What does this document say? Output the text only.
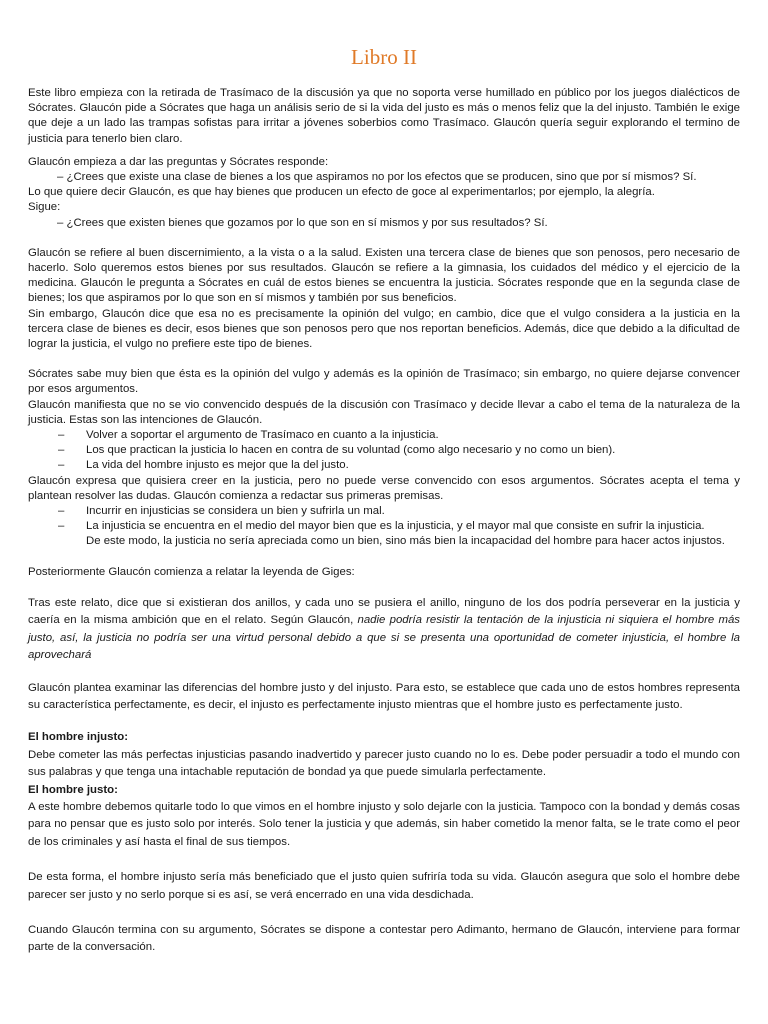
Libro II

Este libro empieza con la retirada de Trasímaco de la discusión ya que no soporta verse humillado en público por los juegos dialécticos de Sócrates. Glaucón pide a Sócrates que haga un análisis serio de si la vida del justo es más o menos feliz que la del injusto. También le exige que deje a un lado las trampas sofistas para irritar a jóvenes soberbios como Trasímaco. Glaucón quería seguir explorando el termino de justicia para tenerlo bien claro.

Glaucón empieza a dar las preguntas y Sócrates responde:

– ¿Crees que existe una clase de bienes a los que aspiramos no por los efectos que se producen, sino que por sí mismos? Sí.

Lo que quiere decir Glaucón, es que hay bienes que producen un efecto de goce al experimentarlos; por ejemplo, la alegría.

Sigue:

– ¿Crees que existen bienes que gozamos por lo que son en sí mismos y por sus resultados? Sí.

Glaucón se refiere al buen discernimiento, a la vista o a la salud. Existen una tercera clase de bienes que son penosos, pero necesario de hacerlo. Solo queremos estos bienes por sus resultados. Glaucón se refiere a la gimnasia, los cuidados del médico y el ejercicio de la medicina. Glaucón le pregunta a Sócrates en cuál de estos bienes se encuentra la justicia. Sócrates responde que en la segunda clase de bienes; los que aspiramos por lo que son en sí mismos y también por sus beneficios.

Sin embargo, Glaucón dice que esa no es precisamente la opinión del vulgo; en cambio, dice que el vulgo considera a la justicia en la tercera clase de bienes es decir, esos bienes que son penosos pero que nos reportan beneficios. Además, dice que debido a la dificultad de lograr la justicia, el vulgo no prefiere este tipo de bienes.

Sócrates sabe muy bien que ésta es la opinión del vulgo y además es la opinión de Trasímaco; sin embargo, no quiere dejarse convencer por esos argumentos.

Glaucón manifiesta que no se vio convencido después de la discusión con Trasímaco y decide llevar a cabo el tema de la naturaleza de la justicia. Estas son las intenciones de Glaucón.

– Volver a soportar el argumento de Trasímaco en cuanto a la injusticia.
– Los que practican la justicia lo hacen en contra de su voluntad (como algo necesario y no como un bien).
– La vida del hombre injusto es mejor que la del justo.

Glaucón expresa que quisiera creer en la justicia, pero no puede verse convencido con esos argumentos. Sócrates acepta el tema y plantean resolver las dudas. Glaucón comienza a redactar sus primeras premisas.

– Incurrir en injusticias se considera un bien y sufrirla un mal.
– La injusticia se encuentra en el medio del mayor bien que es la injusticia, y el mayor mal que consiste en sufrir la injusticia.

De este modo, la justicia no sería apreciada como un bien, sino más bien la incapacidad del hombre para hacer actos injustos.

Posteriormente Glaucón comienza a relatar la leyenda de Giges:

Tras este relato, dice que si existieran dos anillos, y cada uno se pusiera el anillo, ninguno de los dos podría perseverar en la justicia y caería en la misma ambición que en el relato. Según Glaucón, nadie podría resistir la tentación de la injusticia ni siquiera el hombre más justo, así, la justicia no podría ser una virtud personal debido a que si se presenta una oportunidad de cometer injusticia, el hombre la aprovechará

Glaucón plantea examinar las diferencias del hombre justo y del injusto. Para esto, se establece que cada uno de estos hombres representa su característica perfectamente, es decir, el injusto es perfectamente injusto mientras que el hombre justo es perfectamente justo.

El hombre injusto:

Debe cometer las más perfectas injusticias pasando inadvertido y parecer justo cuando no lo es. Debe poder persuadir a todo el mundo con sus palabras y que tenga una intachable reputación de bondad ya que puede simularla perfectamente.

El hombre justo:

A este hombre debemos quitarle todo lo que vimos en el hombre injusto y solo dejarle con la justicia. Tampoco con la bondad y demás cosas para no pensar que es justo solo por interés. Solo tener la justicia y que además, sin haber cometido la menor falta, se le trate como el peor de los criminales y así hasta el final de sus tiempos.

De esta forma, el hombre injusto sería más beneficiado que el justo quien sufriría toda su vida. Glaucón asegura que solo el hombre debe parecer ser justo y no serlo porque si es así, se verá encerrado en una vida desdichada.

Cuando Glaucón termina con su argumento, Sócrates se dispone a contestar pero Adimanto, hermano de Glaucón, interviene para formar parte de la conversación.
